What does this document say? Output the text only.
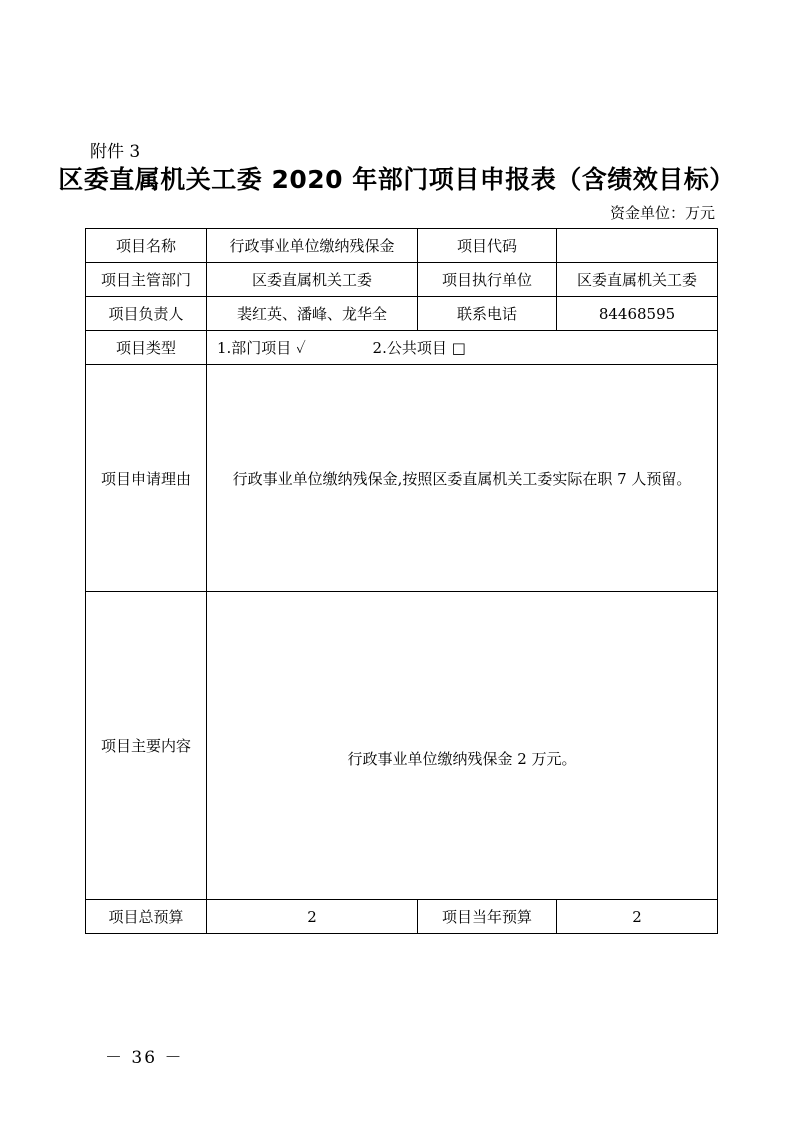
附件 3
区委直属机关工委 2020 年部门项目申报表（含绩效目标）
资金单位：万元
项目名称	行政事业单位缴纳残保金	项目代码	
项目主管部门	区委直属机关工委	项目执行单位	区委直属机关工委
项目负责人	裴红英、潘峰、龙华全	联系电话	84468595
项目类型	1.部门项目 ✓ 2.公共项目 □		
项目申请理由	行政事业单位缴纳残保金,按照区委直属机关工委实际在职 7 人预留。		
项目主要内容	行政事业单位缴纳残保金 2 万元。		
项目总预算	2	项目当年预算	2
－ 36 －
